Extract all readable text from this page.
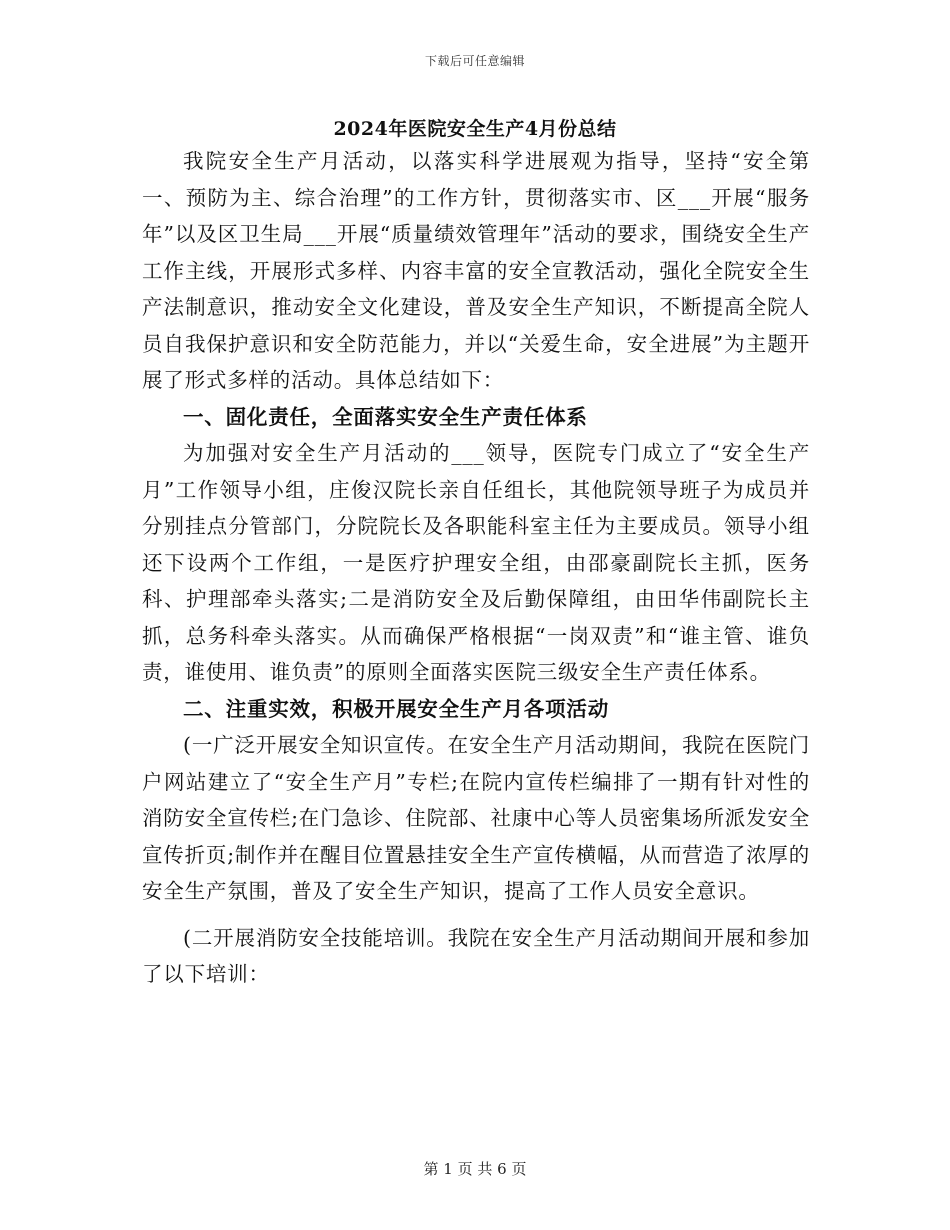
下载后可任意编辑
2024年医院安全生产4月份总结

我院安全生产月活动，以落实科学进展观为指导，坚持“安全第一、预防为主、综合治理”的工作方针，贯彻落实市、区___开展“服务年”以及区卫生局___开展“质量绩效管理年”活动的要求，围绕安全生产工作主线，开展形式多样、内容丰富的安全宣教活动，强化全院安全生产法制意识，推动安全文化建设，普及安全生产知识，不断提高全院人员自我保护意识和安全防范能力，并以“关爱生命，安全进展”为主题开展了形式多样的活动。具体总结如下：

一、固化责任，全面落实安全生产责任体系

为加强对安全生产月活动的___领导，医院专门成立了“安全生产月”工作领导小组，庄俊汉院长亲自任组长，其他院领导班子为成员并分别挂点分管部门，分院院长及各职能科室主任为主要成员。领导小组还下设两个工作组，一是医疗护理安全组，由邵豪副院长主抓，医务科、护理部牵头落实;二是消防安全及后勤保障组，由田华伟副院长主抓，总务科牵头落实。从而确保严格根据“一岗双责”和“谁主管、谁负责，谁使用、谁负责”的原则全面落实医院三级安全生产责任体系。

二、注重实效，积极开展安全生产月各项活动

(一广泛开展安全知识宣传。在安全生产月活动期间，我院在医院门户网站建立了“安全生产月”专栏;在院内宣传栏编排了一期有针对性的消防安全宣传栏;在门急诊、住院部、社康中心等人员密集场所派发安全宣传折页;制作并在醒目位置悬挂安全生产宣传横幅，从而营造了浓厚的安全生产氛围，普及了安全生产知识，提高了工作人员安全意识。

(二开展消防安全技能培训。我院在安全生产月活动期间开展和参加了以下培训：

第 1 页 共 6 页
